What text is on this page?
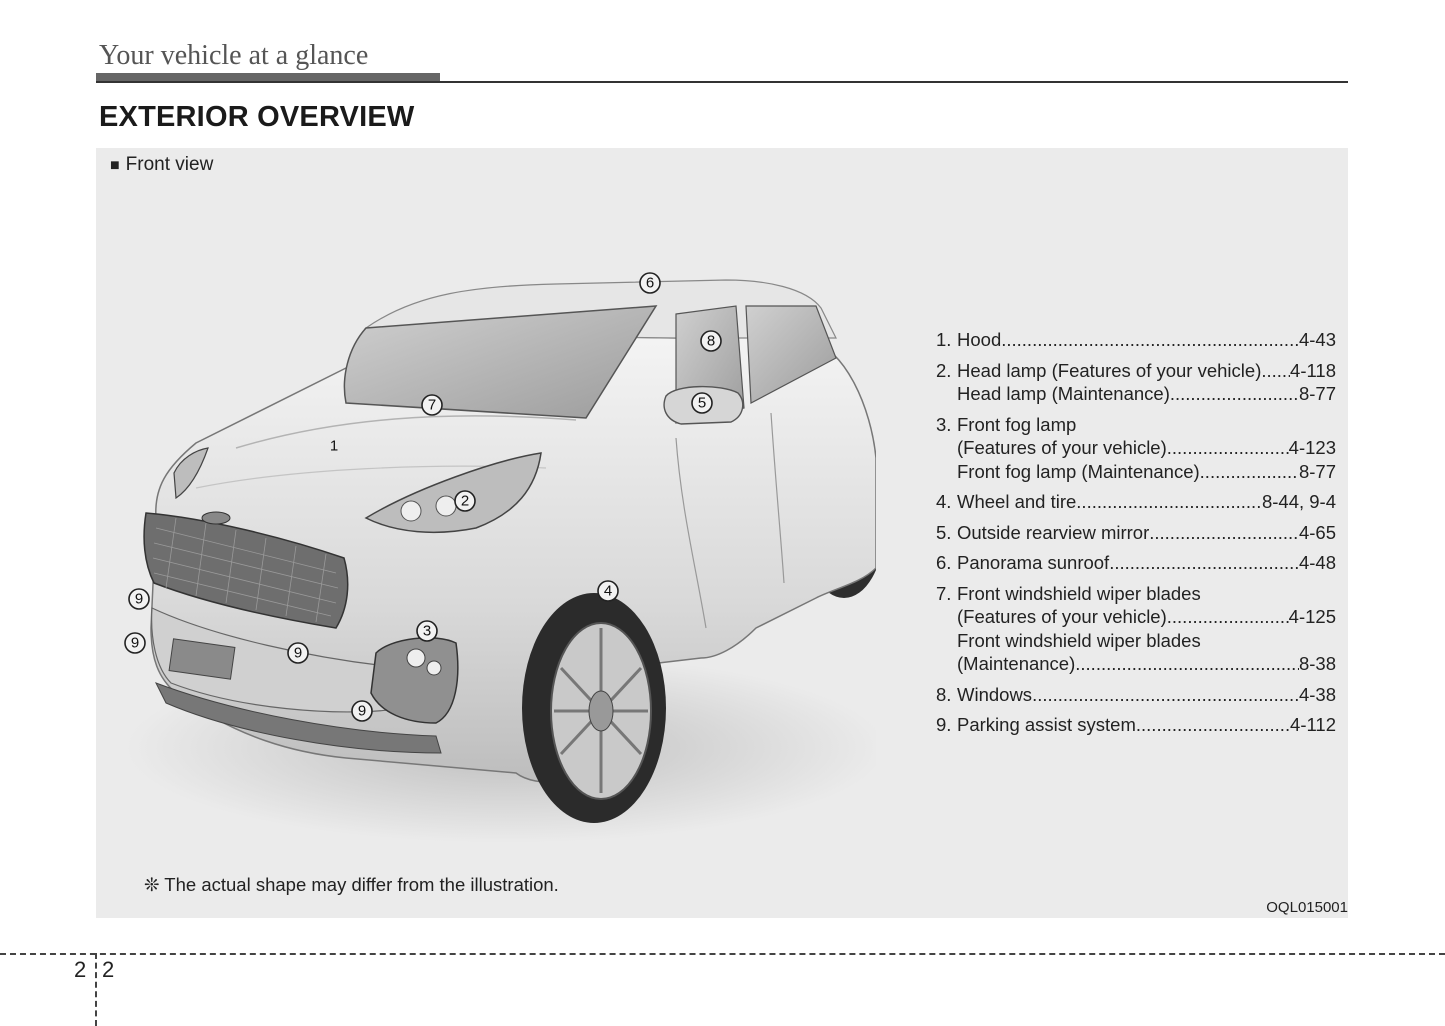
Your vehicle at a glance
EXTERIOR OVERVIEW
■ Front view
1
2
3
4
5
6
7
8
9
9
9
9
1. Hood .....	4-43
2. Head lamp (Features of your vehicle) ..... 4-118
Head lamp (Maintenance) .....	8-77
3. Front fog lamp
(Features of your vehicle) .....	4-123
Front fog lamp (Maintenance) .....	8-77
4. Wheel and tire .....	8-44, 9-4
5. Outside rearview mirror .....	4-65
6. Panorama sunroof .....	4-48
7. Front windshield wiper blades
(Features of your vehicle) .....	4-125
Front windshield wiper blades
(Maintenance) .....	8-38
8. Windows .....	4-38
9. Parking assist system .....	4-112
❊ The actual shape may differ from the illustration.
OQL015001
2 2
